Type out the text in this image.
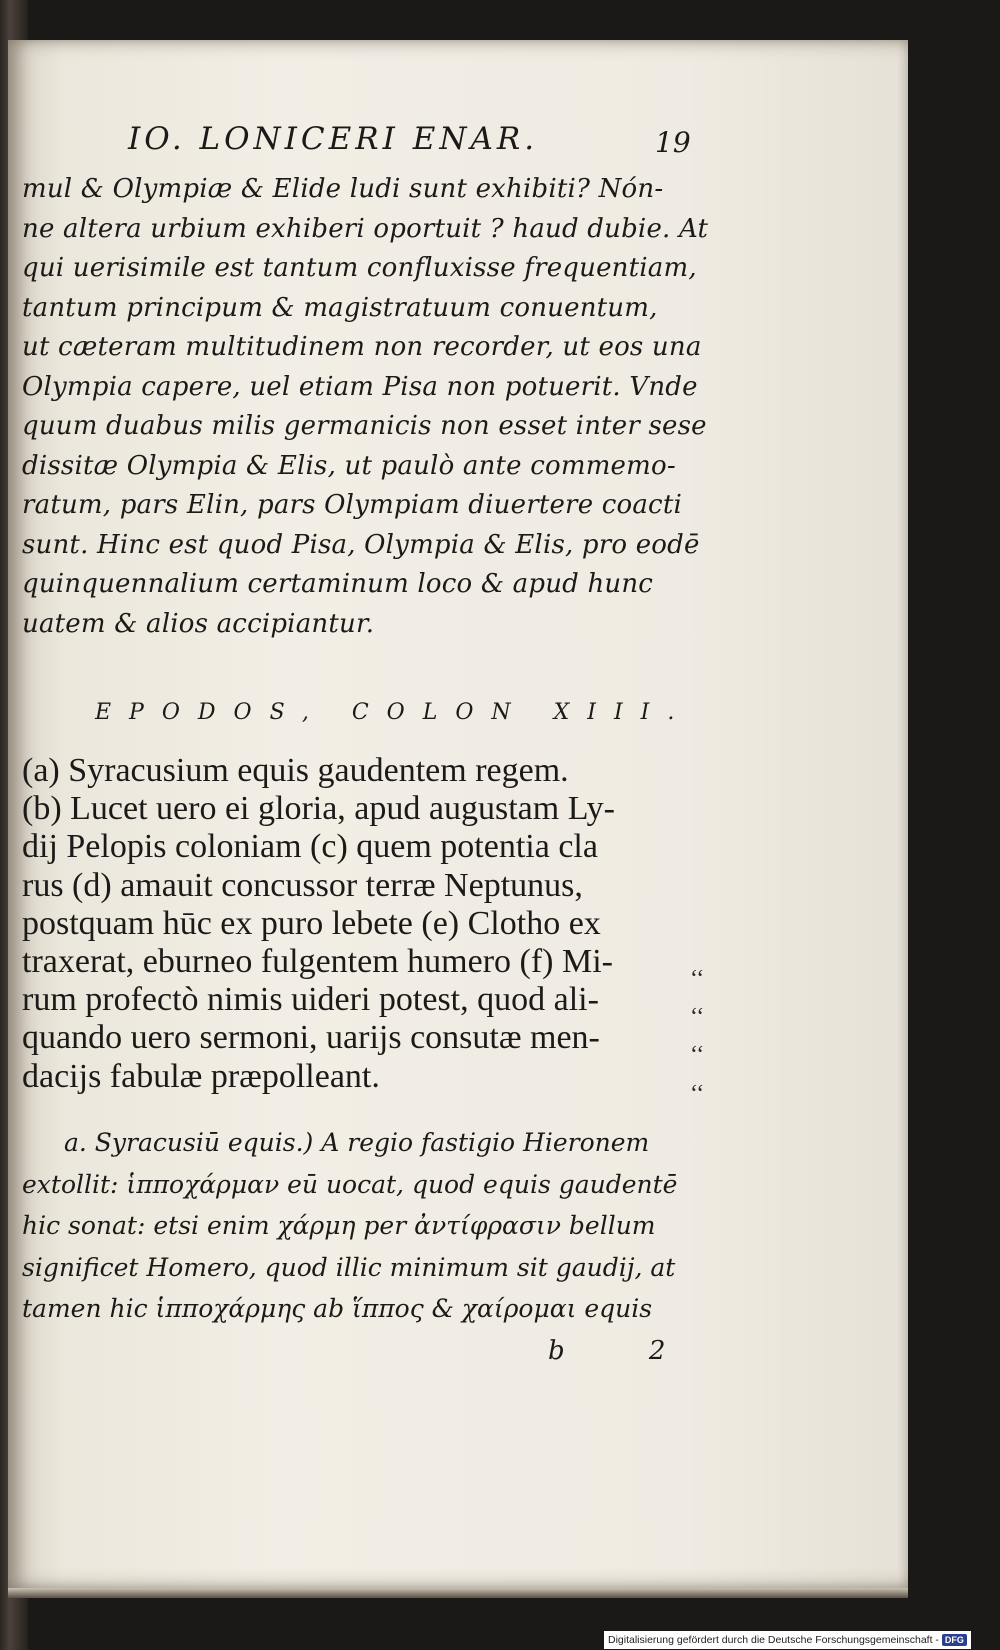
IO. LONICERI ENAR.	19
mul & Olympiæ & Elide ludi sunt exhibiti? Nón-
ne altera urbium exhiberi oportuit ? haud dubie. At
qui uerisimile est tantum confluxisse frequentiam,
tantum principum & magistratuum conuentum,
ut cæteram multitudinem non recorder, ut eos una
Olympia capere, uel etiam Pisa non potuerit. Vnde
quum duabus milis germanicis non esset inter sese
dissitæ Olympia & Elis, ut paulò ante commemo-
ratum, pars Elin, pars Olympiam diuertere coacti
sunt. Hinc est quod Pisa, Olympia & Elis, pro eodē
quinquennalium certaminum loco & apud hunc
uatem & alios accipiantur.
EPODOS, COLON XIII.
(a) Syracusium equis gaudentem regem.
(b) Lucet uero ei gloria, apud augustam Ly-
dij Pelopis coloniam (c) quem potentia cla
rus (d) amauit concussor terræ Neptunus,
postquam hūc ex puro lebete (e) Clotho ex
traxerat, eburneo fulgentem humero (f) Mi-
rum profectò nimis uideri potest, quod ali-
quando uero sermoni, uarijs consutæ men-
dacijs fabulæ præpolleant.
‘‘
‘‘
‘‘
‘‘
a. Syracusiū equis.) A regio fastigio Hieronem
extollit: ἱπποχάρμαν eū uocat, quod equis gaudentē
hic sonat: etsi enim χάρμη per ἀντίφρασιν bellum
significet Homero, quod illic minimum sit gaudij, at
tamen hic ἱπποχάρμης ab ἵππος & χαίρομαι equis
b 2
Digitalisierung gefördert durch die Deutsche Forschungsgemeinschaft - DFG
